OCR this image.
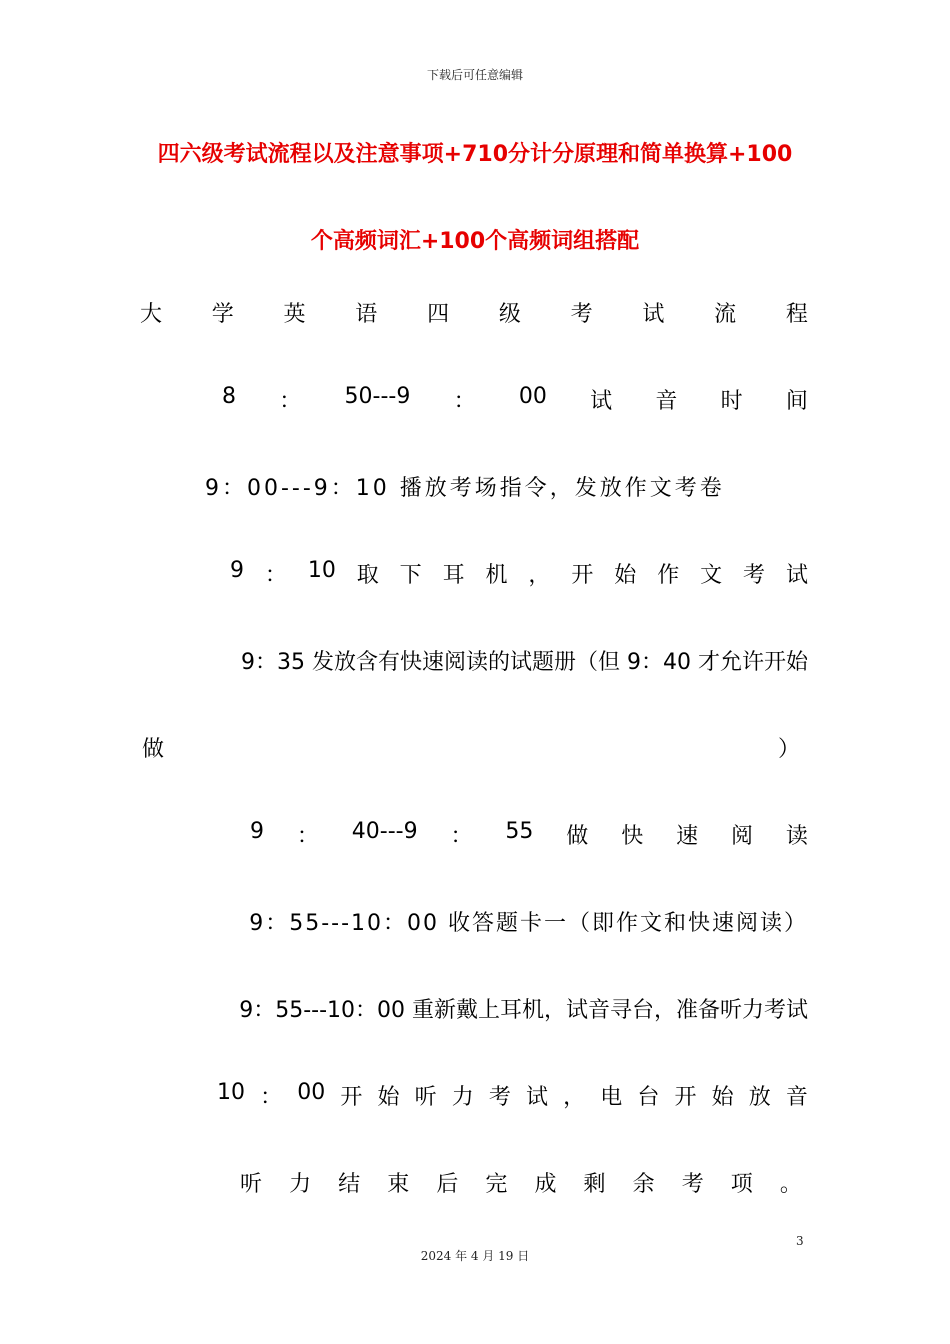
下载后可任意编辑
四六级考试流程以及注意事项+710分计分原理和简单换算+100
个高频词汇+100个高频词组搭配
大 学 英 语 四 级 考 试 流 程
8 ： 50---9 ： 00 试 音 时 间
9：00---9：10 播放考场指令，发放作文考卷
9 ： 10 取 下 耳 机 ， 开 始 作 文 考 试
9：35 发放含有快速阅读的试题册（但 9：40 才允许开始
做	）
9 ： 40---9 ： 55 做 快 速 阅 读
9：55---10：00 收答题卡一（即作文和快速阅读）
9：55---10：00 重新戴上耳机，试音寻台，准备听力考试
10 ： 00 开 始 听 力 考 试 ， 电 台 开 始 放 音
听 力 结 束 后 完 成 剩 余 考 项 。
3
2024 年 4 月 19 日
